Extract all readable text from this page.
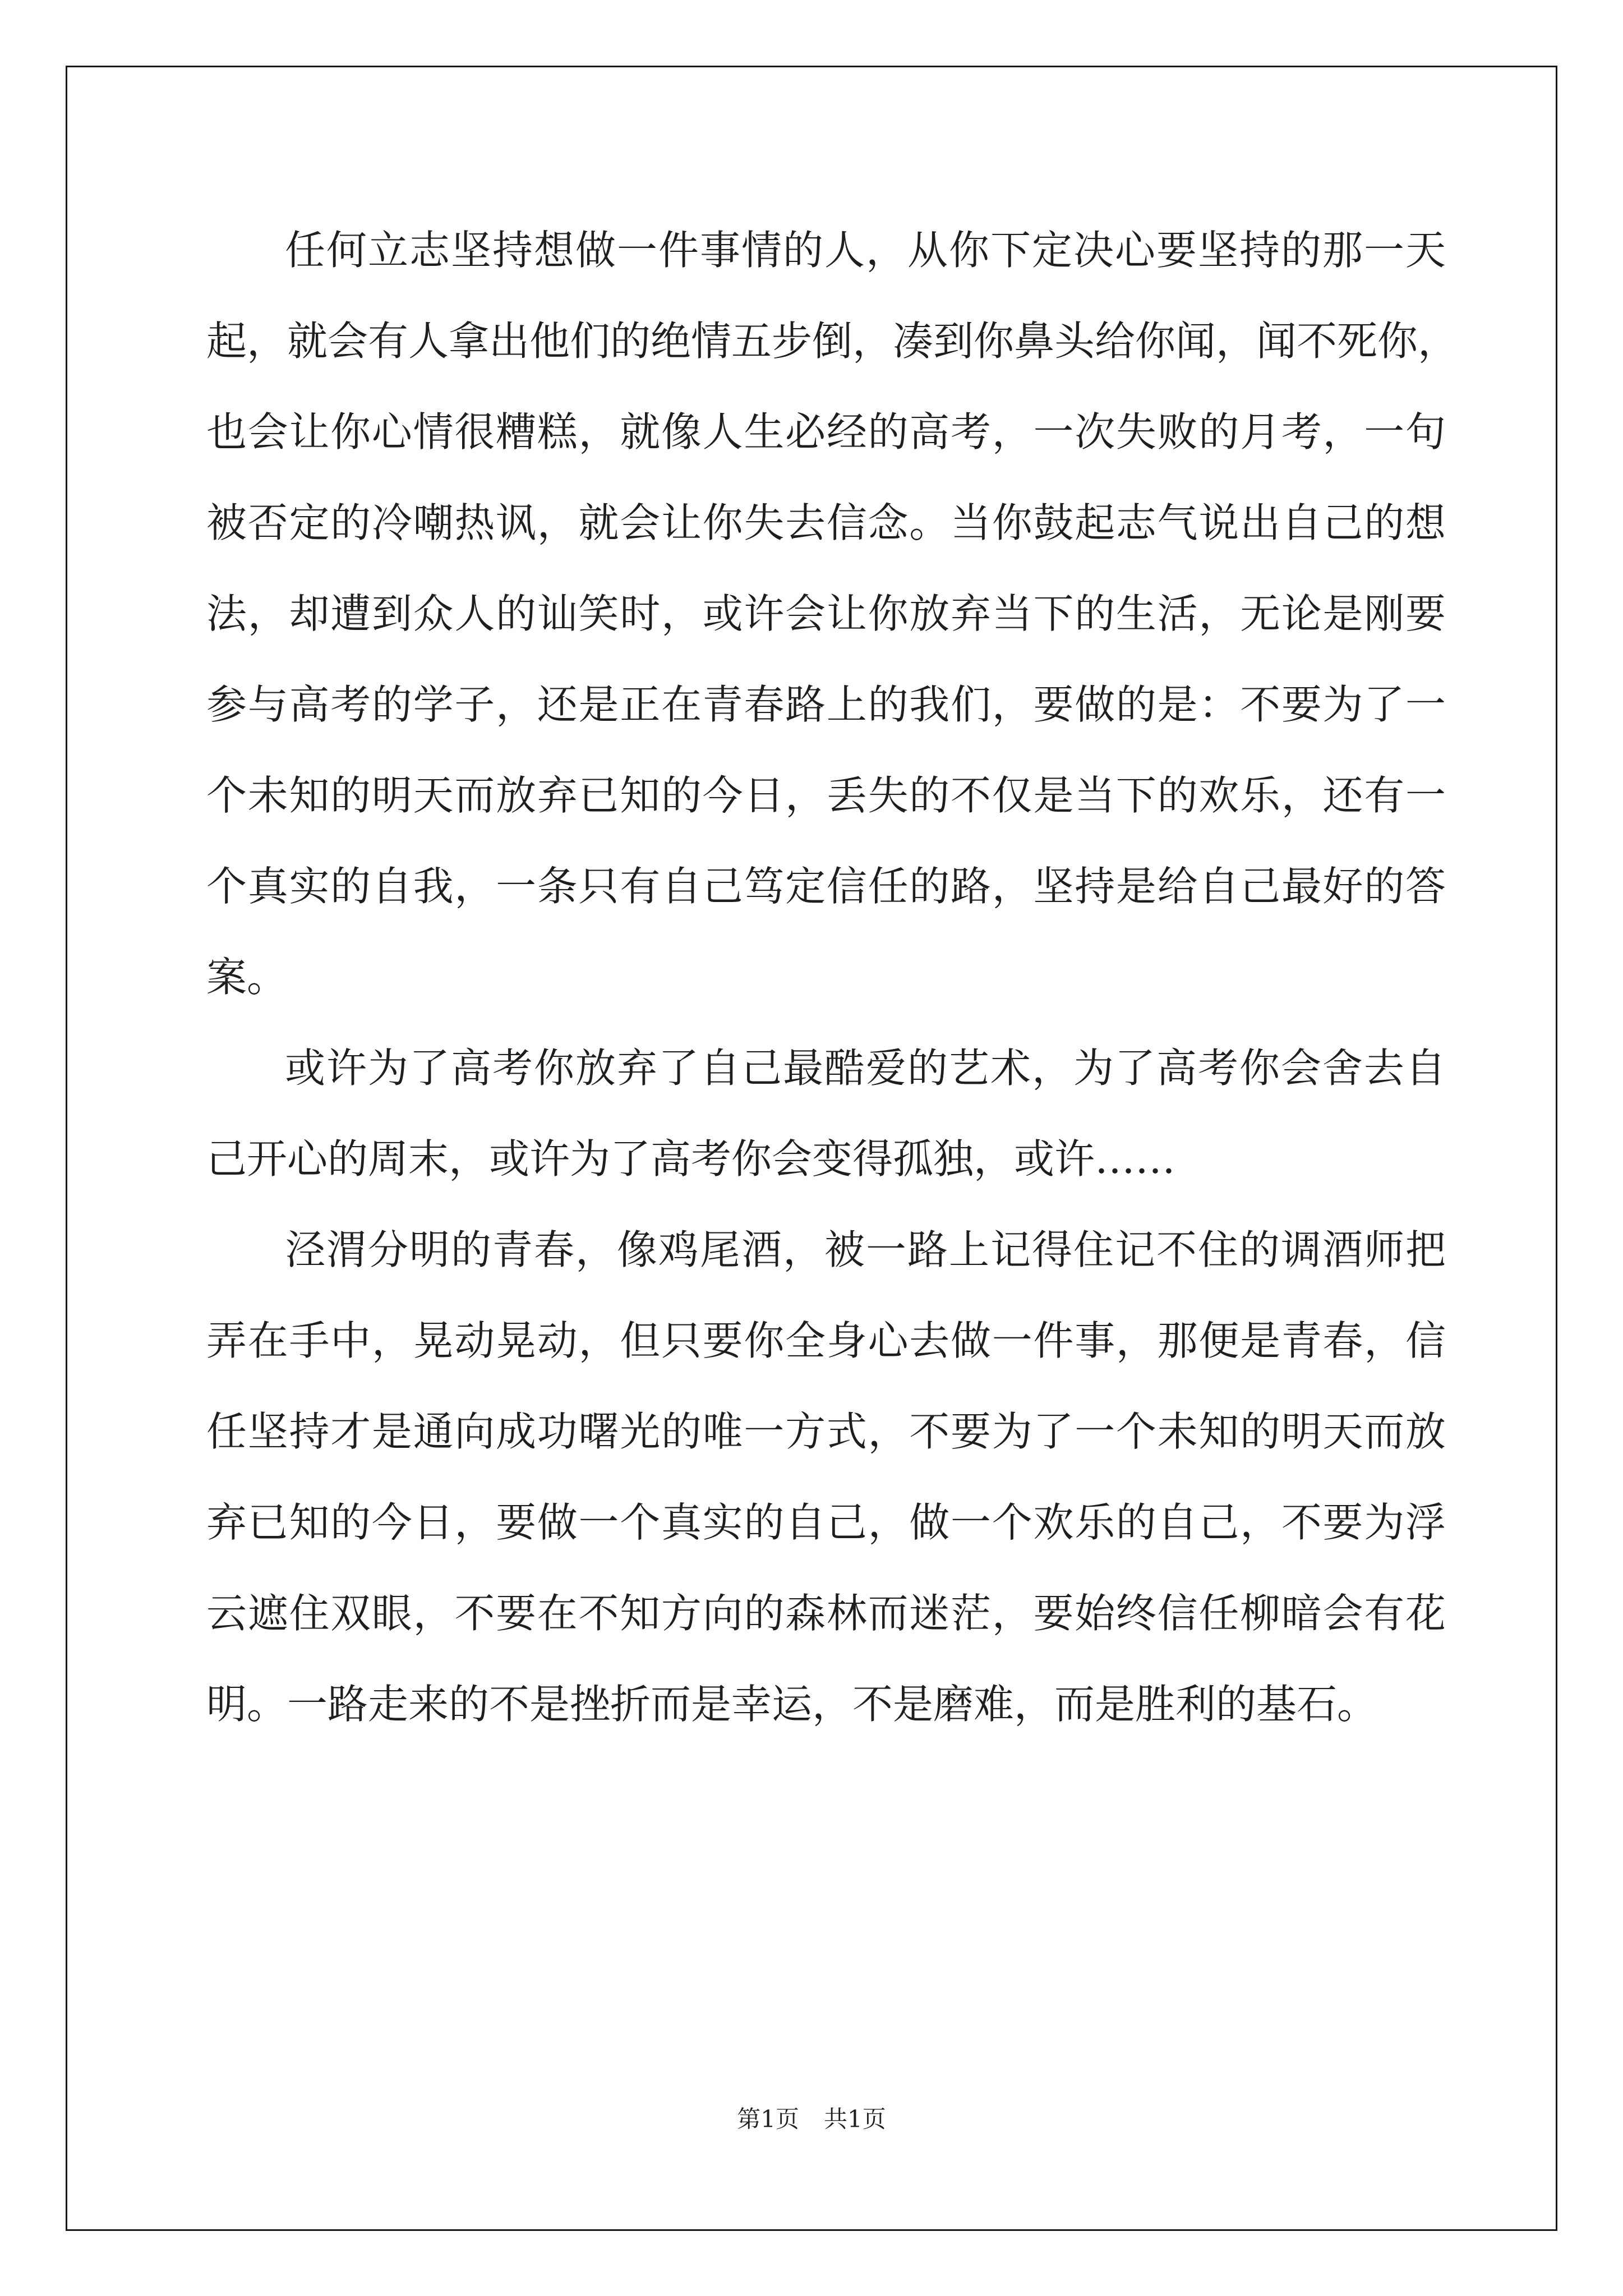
任何立志坚持想做一件事情的人，从你下定决心要坚持的那一天

起，就会有人拿出他们的绝情五步倒，凑到你鼻头给你闻，闻不死你，

也会让你心情很糟糕，就像人生必经的高考，一次失败的月考，一句

被否定的冷嘲热讽，就会让你失去信念。当你鼓起志气说出自己的想

法，却遭到众人的讪笑时，或许会让你放弃当下的生活，无论是刚要

参与高考的学子，还是正在青春路上的我们，要做的是：不要为了一

个未知的明天而放弃已知的今日，丢失的不仅是当下的欢乐，还有一

个真实的自我，一条只有自己笃定信任的路，坚持是给自己最好的答

案。

或许为了高考你放弃了自己最酷爱的艺术，为了高考你会舍去自

己开心的周末，或许为了高考你会变得孤独，或许……

泾渭分明的青春，像鸡尾酒，被一路上记得住记不住的调酒师把

弄在手中，晃动晃动，但只要你全身心去做一件事，那便是青春，信

任坚持才是通向成功曙光的唯一方式，不要为了一个未知的明天而放

弃已知的今日，要做一个真实的自己，做一个欢乐的自己，不要为浮

云遮住双眼，不要在不知方向的森林而迷茫，要始终信任柳暗会有花

明。一路走来的不是挫折而是幸运，不是磨难，而是胜利的基石。

第1页 共1页
